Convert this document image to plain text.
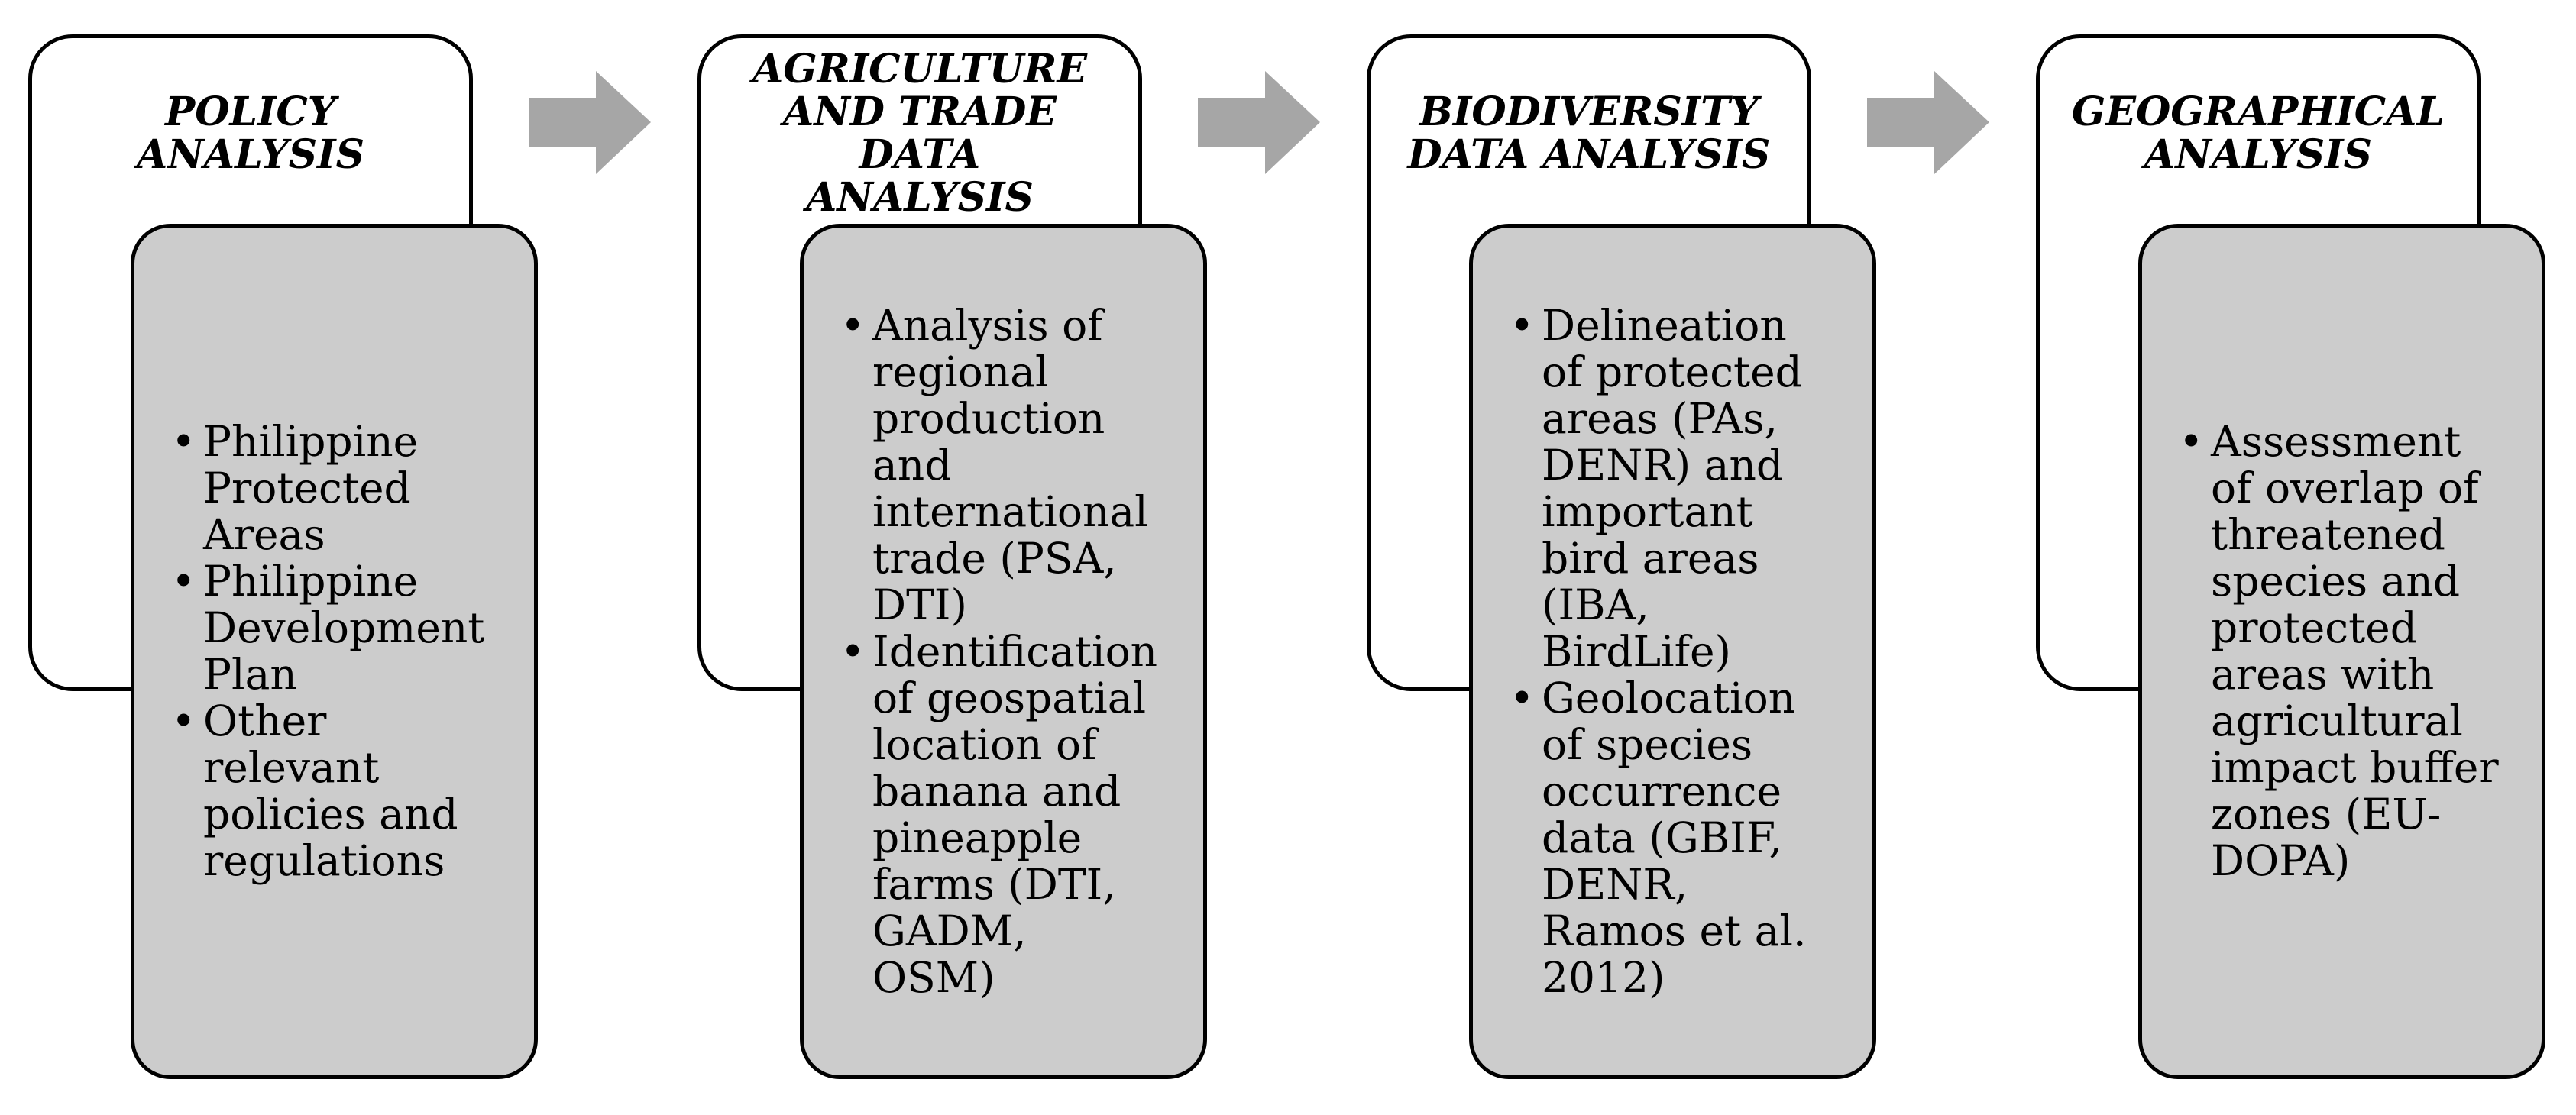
POLICY ANALYSIS
• Philippine
Protected
Areas
• Philippine
Development
Plan
• Other
relevant
policies and
regulations
AGRICULTURE
AND TRADE DATA
ANALYSIS
• Analysis of
regional
production
and
international
trade (PSA,
DTI)
• Identification
of geospatial
location of
banana and
pineapple
farms (DTI,
GADM,
OSM)
BIODIVERSITY
DATA ANALYSIS
• Delineation
of protected
areas (PAs,
DENR) and
important
bird areas
(IBA,
BirdLife)
• Geolocation
of species
occurrence
data (GBIF,
DENR,
Ramos et al.
2012)
GEOGRAPHICAL
ANALYSIS
• Assessment
of overlap of
threatened
species and
protected
areas with
agricultural
impact buffer
zones (EU-
DOPA)
